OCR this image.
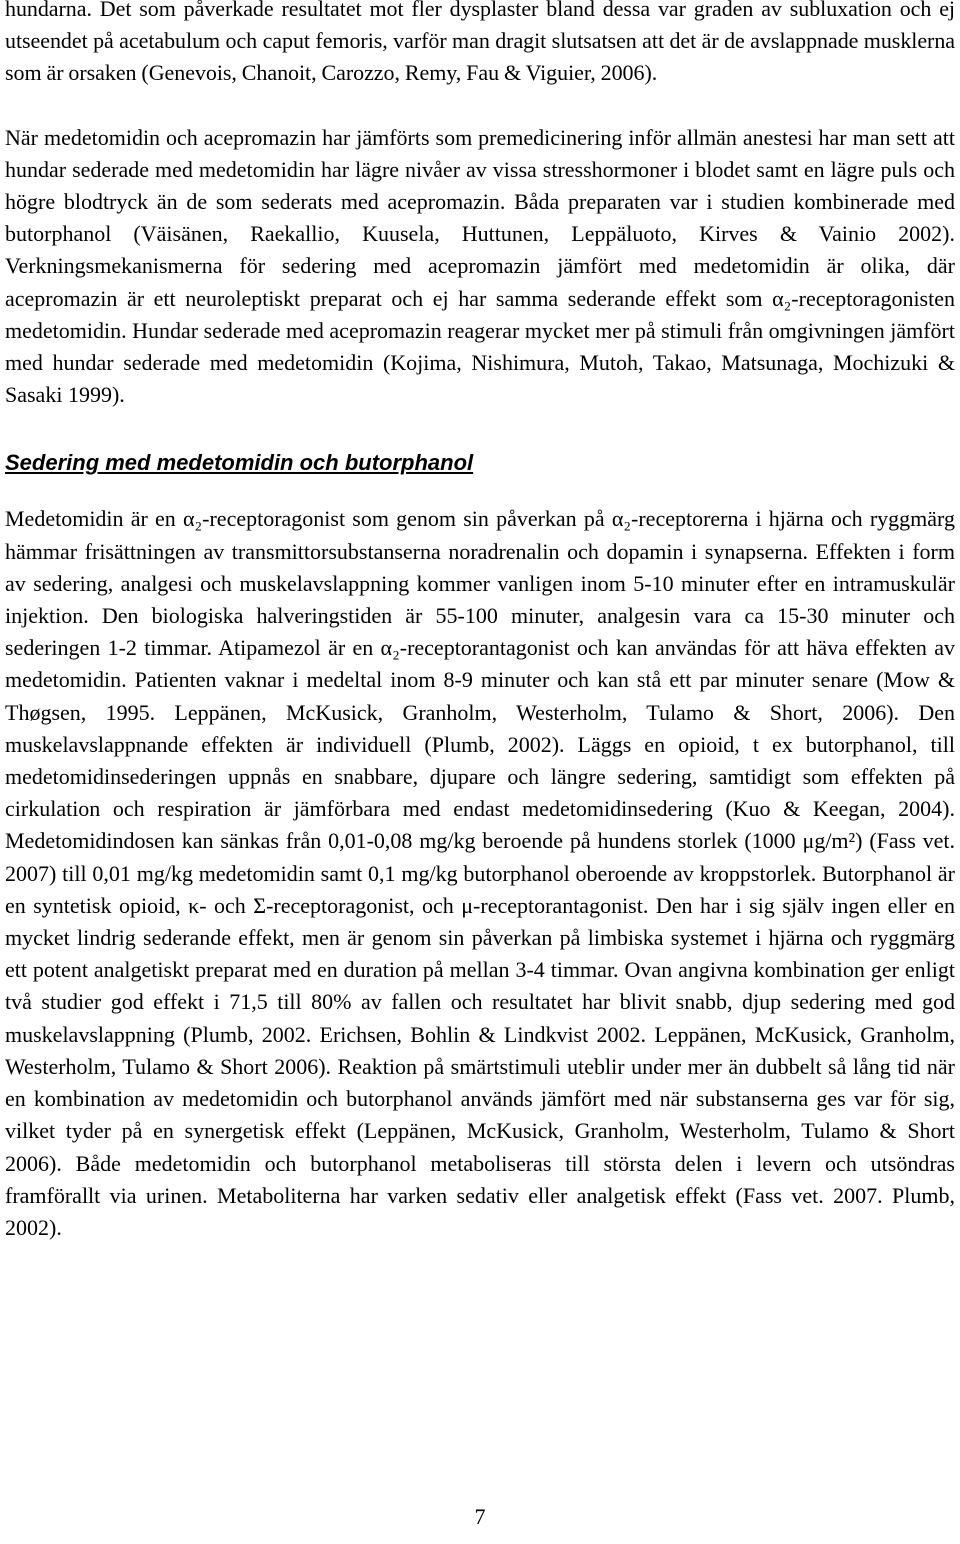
hundarna. Det som påverkade resultatet mot fler dysplaster bland dessa var graden av subluxation och ej utseendet på acetabulum och caput femoris, varför man dragit slutsatsen att det är de avslappnade musklerna som är orsaken (Genevois, Chanoit, Carozzo, Remy, Fau & Viguier, 2006).

När medetomidin och acepromazin har jämförts som premedicinering inför allmän anestesi har man sett att hundar sederade med medetomidin har lägre nivåer av vissa stresshormoner i blodet samt en lägre puls och högre blodtryck än de som sederats med acepromazin. Båda preparaten var i studien kombinerade med butorphanol (Väisänen, Raekallio, Kuusela, Huttunen, Leppäluoto, Kirves & Vainio 2002). Verkningsmekanismerna för sedering med acepromazin jämfört med medetomidin är olika, där acepromazin är ett neuroleptiskt preparat och ej har samma sederande effekt som α₂-receptoragonisten medetomidin. Hundar sederade med acepromazin reagerar mycket mer på stimuli från omgivningen jämfört med hundar sederade med medetomidin (Kojima, Nishimura, Mutoh, Takao, Matsunaga, Mochizuki & Sasaki 1999).

Sedering med medetomidin och butorphanol

Medetomidin är en α₂-receptoragonist som genom sin påverkan på α₂-receptorerna i hjärna och ryggmärg hämmar frisättningen av transmittorsubstanserna noradrenalin och dopamin i synapserna. Effekten i form av sedering, analgesi och muskelavslappning kommer vanligen inom 5-10 minuter efter en intramuskulär injektion. Den biologiska halveringstiden är 55-100 minuter, analgesin vara ca 15-30 minuter och sederingen 1-2 timmar. Atipamezol är en α₂-receptorantagonist och kan användas för att häva effekten av medetomidin. Patienten vaknar i medeltal inom 8-9 minuter och kan stå ett par minuter senare (Mow & Thøgsen, 1995. Leppänen, McKusick, Granholm, Westerholm, Tulamo & Short, 2006). Den muskelavslappnande effekten är individuell (Plumb, 2002). Läggs en opioid, t ex butorphanol, till medetomidinsederingen uppnås en snabbare, djupare och längre sedering, samtidigt som effekten på cirkulation och respiration är jämförbara med endast medetomidinsedering (Kuo & Keegan, 2004). Medetomidindosen kan sänkas från 0,01-0,08 mg/kg beroende på hundens storlek (1000 μg/m²) (Fass vet. 2007) till 0,01 mg/kg medetomidin samt 0,1 mg/kg butorphanol oberoende av kroppstorlek. Butorphanol är en syntetisk opioid, κ- och Σ-receptoragonist, och μ-receptorantagonist. Den har i sig själv ingen eller en mycket lindrig sederande effekt, men är genom sin påverkan på limbiska systemet i hjärna och ryggmärg ett potent analgetiskt preparat med en duration på mellan 3-4 timmar. Ovan angivna kombination ger enligt två studier god effekt i 71,5 till 80% av fallen och resultatet har blivit snabb, djup sedering med god muskelavslappning (Plumb, 2002. Erichsen, Bohlin & Lindkvist 2002. Leppänen, McKusick, Granholm, Westerholm, Tulamo & Short 2006). Reaktion på smärtstimuli uteblir under mer än dubbelt så lång tid när en kombination av medetomidin och butorphanol används jämfört med när substanserna ges var för sig, vilket tyder på en synergetisk effekt (Leppänen, McKusick, Granholm, Westerholm, Tulamo & Short 2006). Både medetomidin och butorphanol metaboliseras till största delen i levern och utsöndras framförallt via urinen. Metaboliterna har varken sedativ eller analgetisk effekt (Fass vet. 2007. Plumb, 2002).

7
